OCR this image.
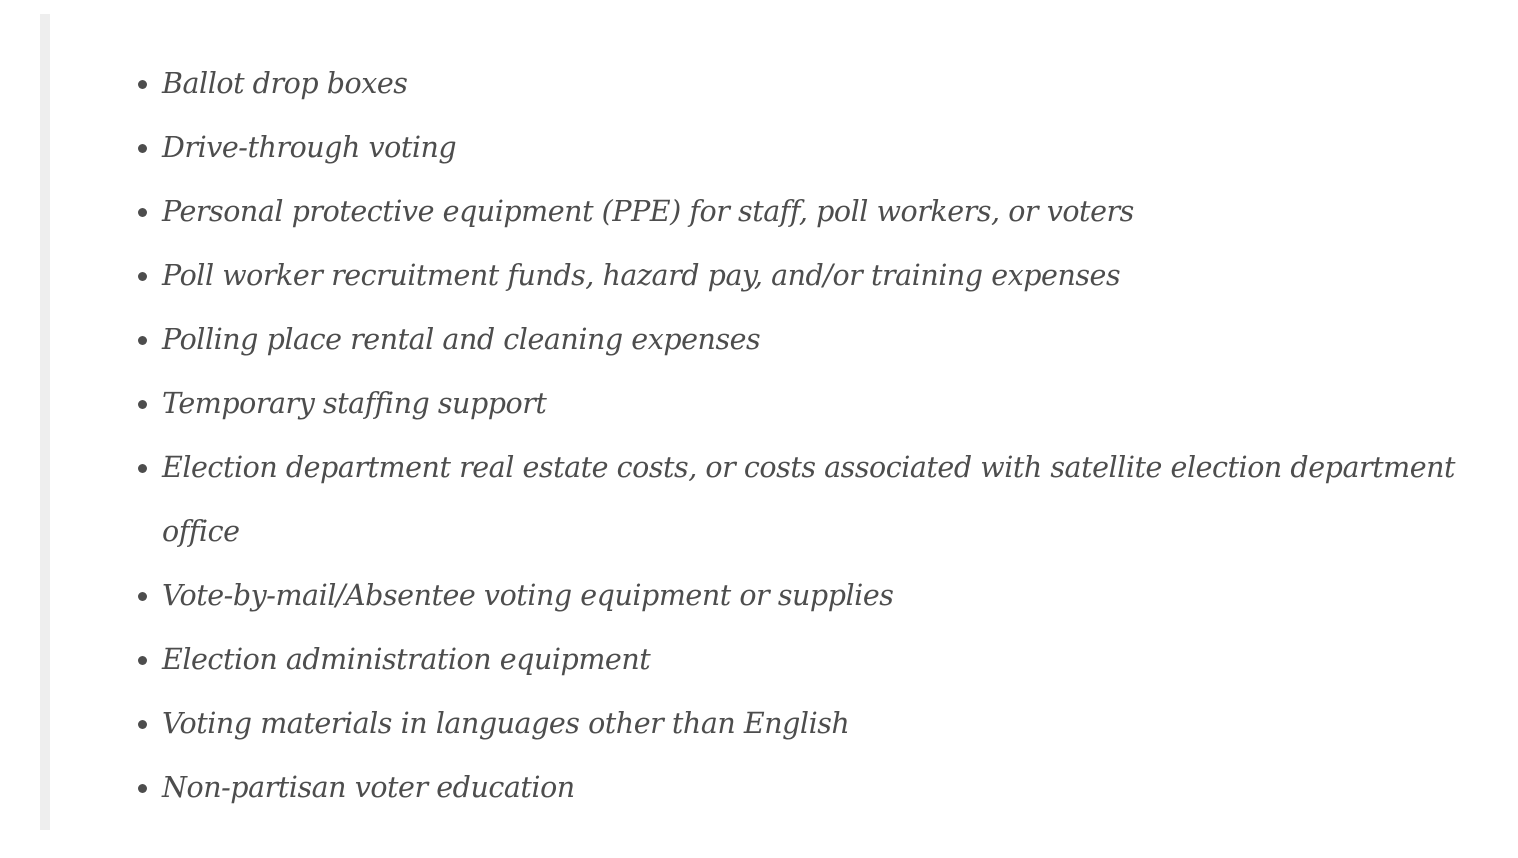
Ballot drop boxes
Drive-through voting
Personal protective equipment (PPE) for staff, poll workers, or voters
Poll worker recruitment funds, hazard pay, and/or training expenses
Polling place rental and cleaning expenses
Temporary staffing support
Election department real estate costs, or costs associated with satellite election department office
Vote-by-mail/Absentee voting equipment or supplies
Election administration equipment
Voting materials in languages other than English
Non-partisan voter education
